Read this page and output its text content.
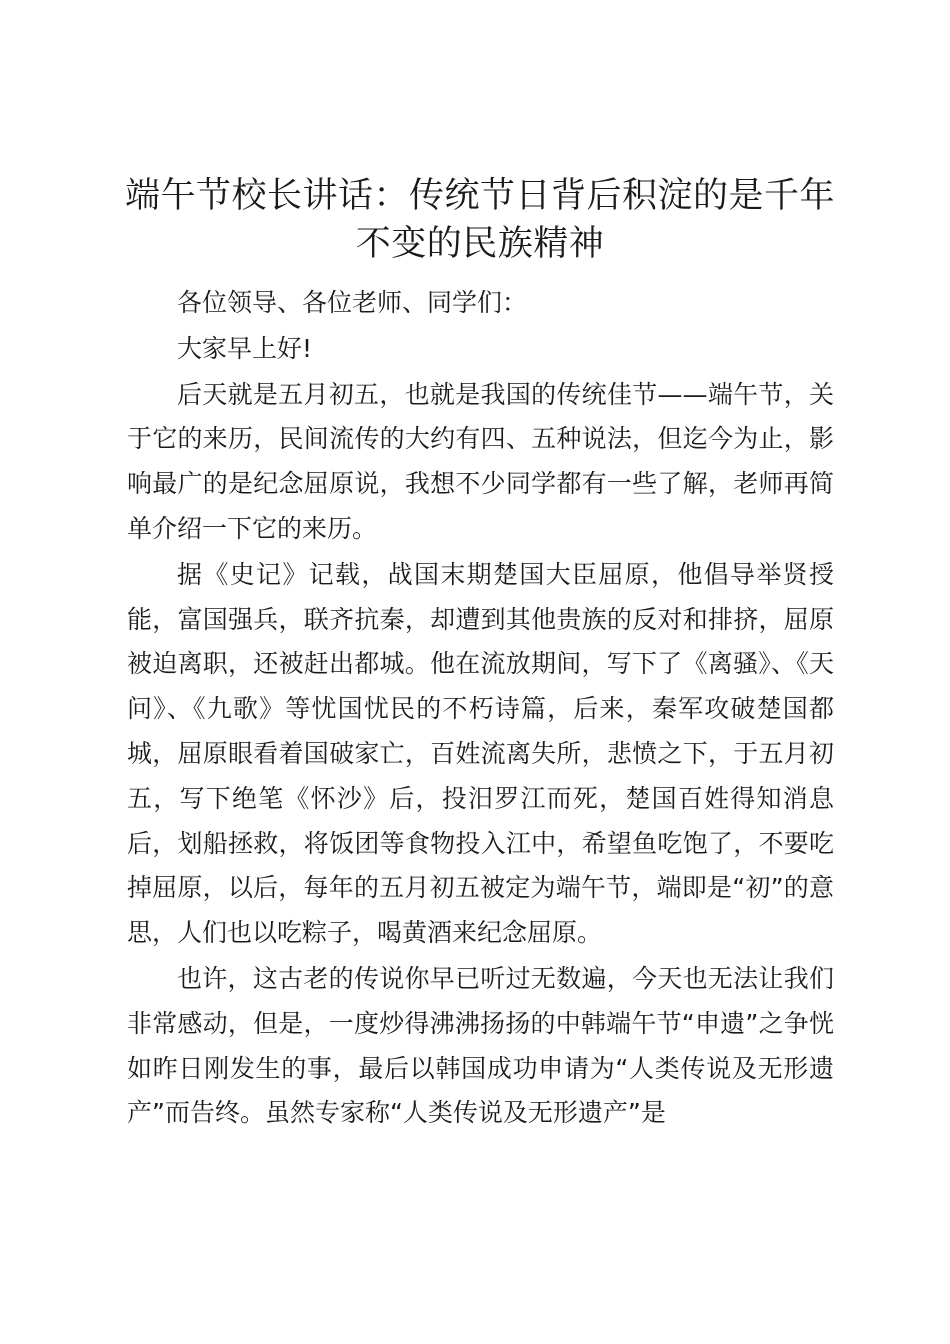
端午节校长讲话：传统节日背后积淀的是千年不变的民族精神

各位领导、各位老师、同学们：

大家早上好!

后天就是五月初五，也就是我国的传统佳节——端午节，关于它的来历，民间流传的大约有四、五种说法，但迄今为止，影响最广的是纪念屈原说，我想不少同学都有一些了解，老师再简单介绍一下它的来历。

据《史记》记载，战国末期楚国大臣屈原，他倡导举贤授能，富国强兵，联齐抗秦，却遭到其他贵族的反对和排挤，屈原被迫离职，还被赶出都城。他在流放期间，写下了《离骚》、《天问》、《九歌》等忧国忧民的不朽诗篇，后来，秦军攻破楚国都城，屈原眼看着国破家亡，百姓流离失所，悲愤之下，于五月初五，写下绝笔《怀沙》后，投汨罗江而死，楚国百姓得知消息后，划船拯救，将饭团等食物投入江中，希望鱼吃饱了，不要吃掉屈原，以后，每年的五月初五被定为端午节，端即是“初”的意思，人们也以吃粽子，喝黄酒来纪念屈原。

也许，这古老的传说你早已听过无数遍，今天也无法让我们非常感动，但是，一度炒得沸沸扬扬的中韩端午节“申遗”之争恍如昨日刚发生的事，最后以韩国成功申请为“人类传说及无形遗产”而告终。虽然专家称“人类传说及无形遗产”是
